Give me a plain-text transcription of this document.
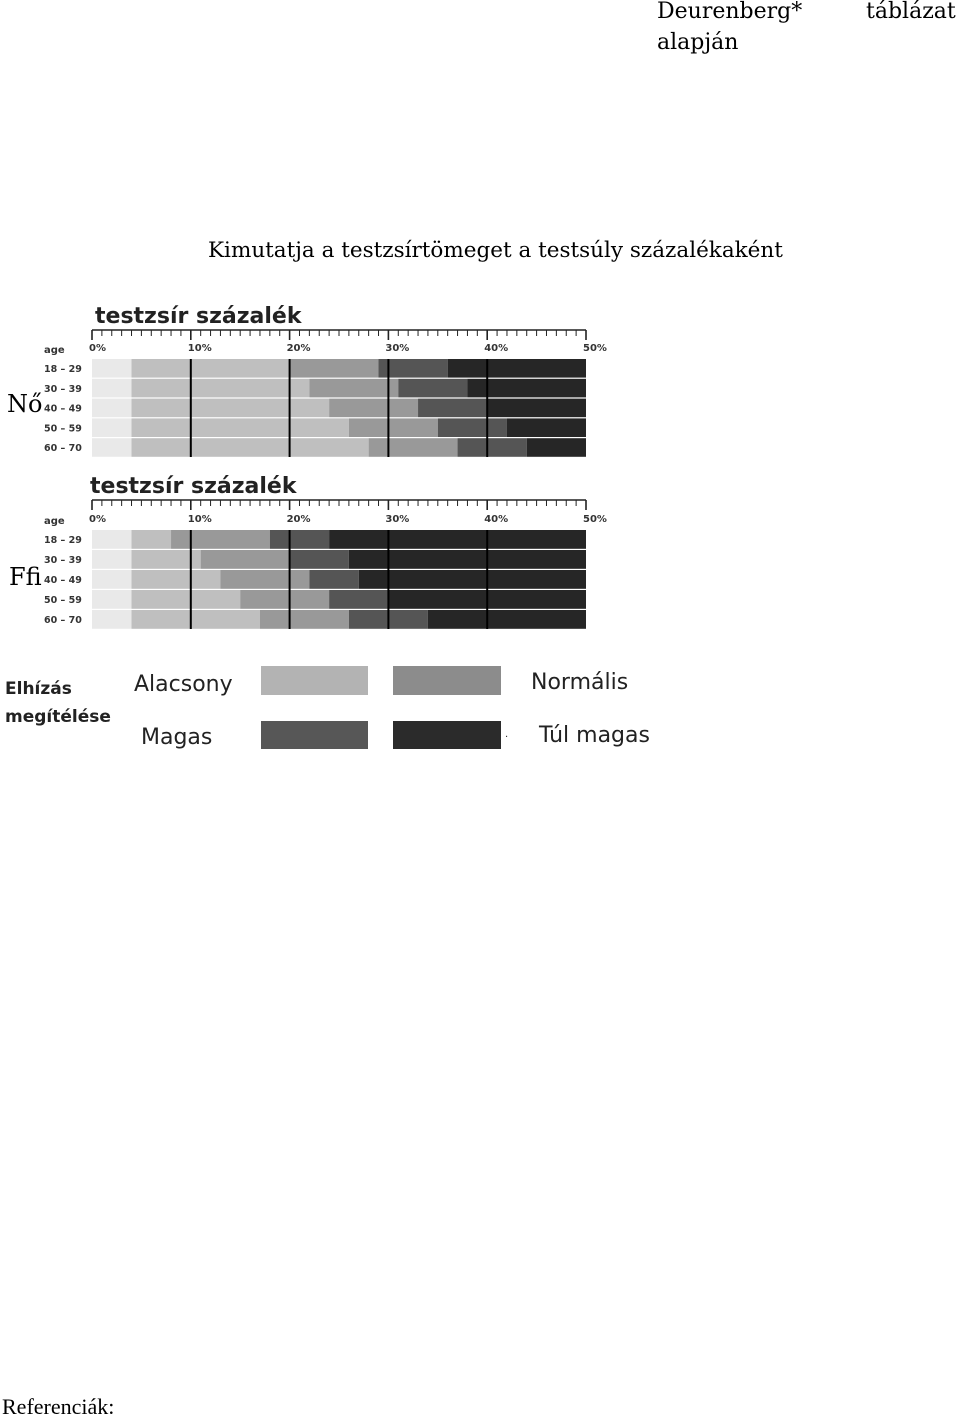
Deurenberg*	táblázat
alapján
Kimutatja a testzsírtömeget a testsúly százalékaként
testzsír százalék
Nő
age 0%	10%	20%	30%	40%	50%
18 – 29
30 – 39
40 – 49
50 – 59
60 – 70
testzsír százalék
Ffi
age 0%	10%	20%	30%	40%	50%
18 – 29
30 – 39
40 – 49
50 – 59
60 – 70
Elhízás
megítélése
Alacsony	Normális
Magas	. Túl magas
Referenciák:
